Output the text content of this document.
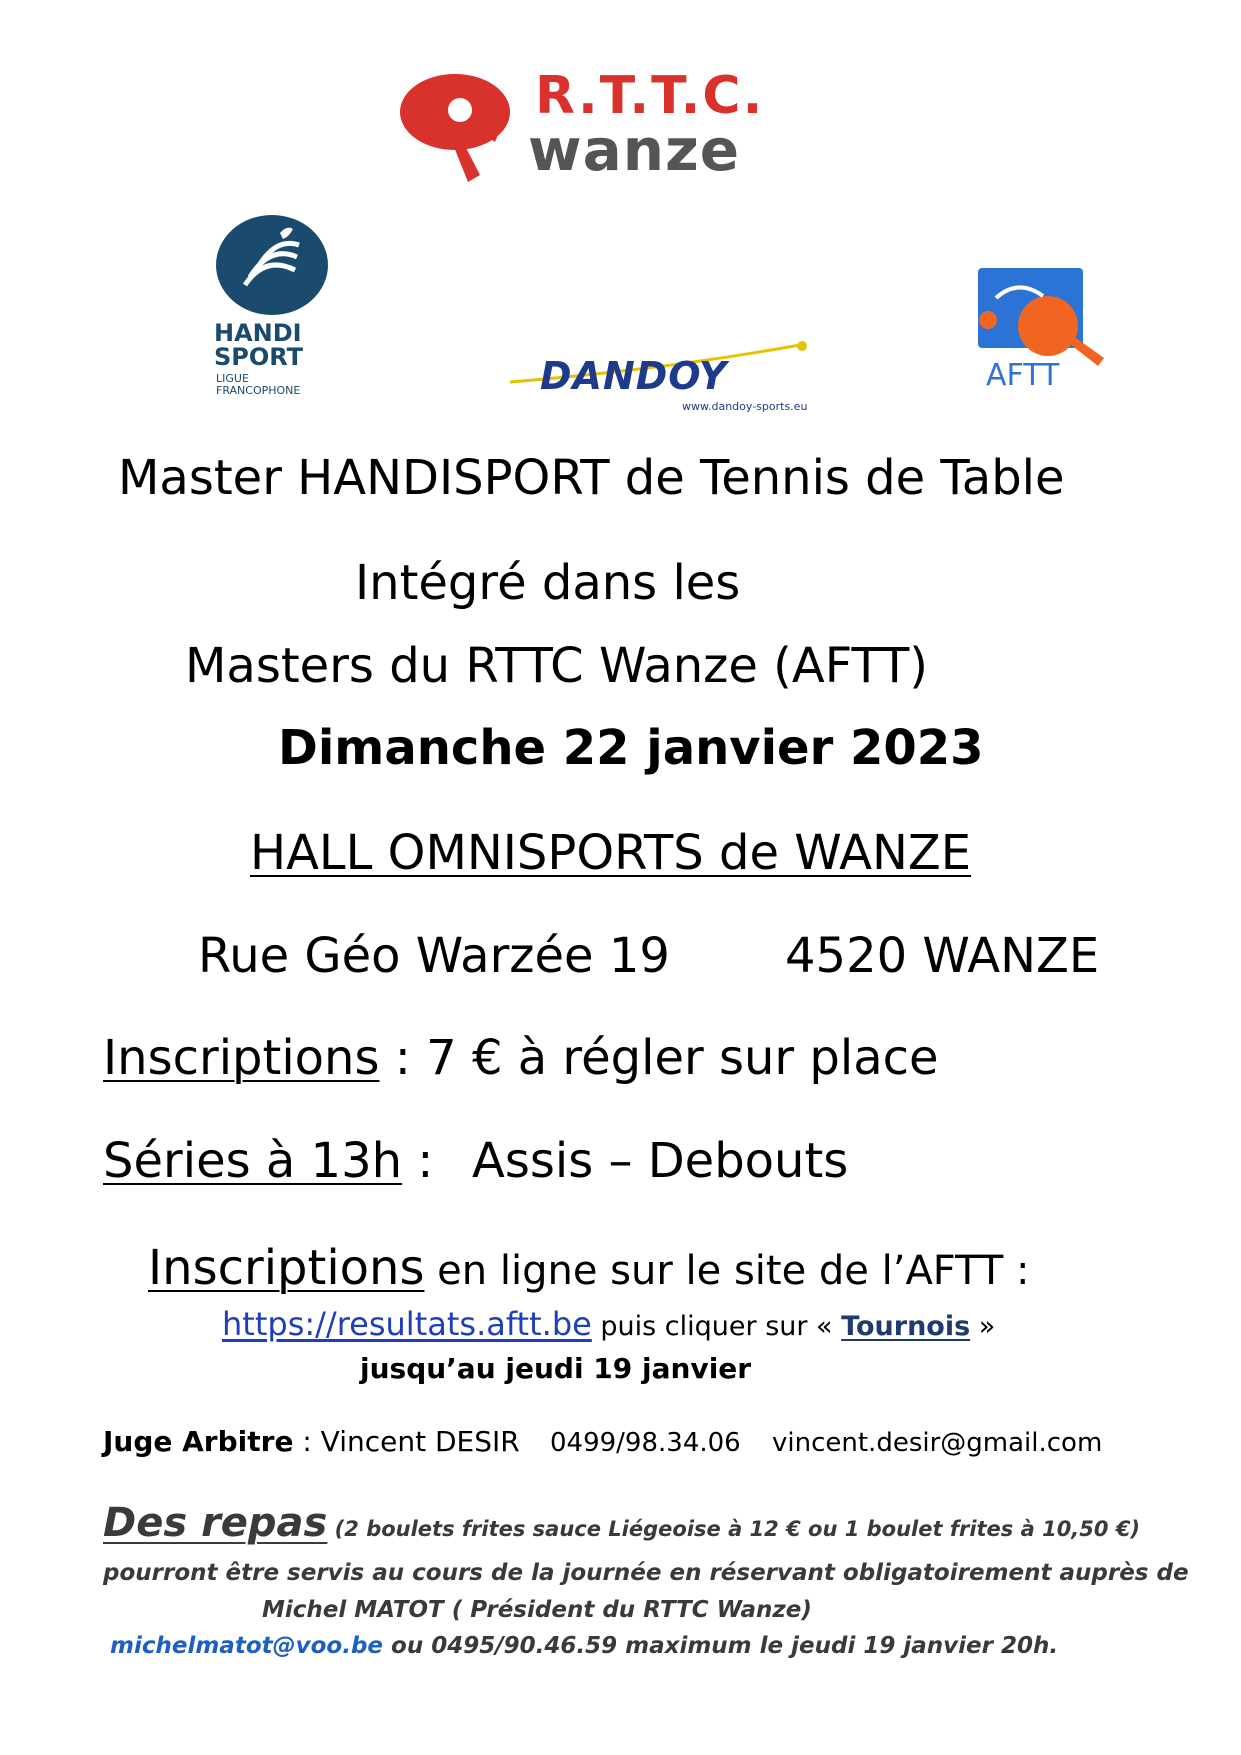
R.T.T.C.
wanze
HANDI
SPORT
LIGUE
FRANCOPHONE	DANDOY
www.dandoy-sports.eu
AFTT
Master HANDISPORT de Tennis de Table
Intégré dans les
Masters du RTTC Wanze (AFTT)
Dimanche 22 janvier 2023
HALL OMNISPORTS de WANZE
Rue Géo Warzée 19 4520 WANZE
Inscriptions : 7 € à régler sur place
Séries à 13h : Assis – Debouts
Inscriptions en ligne sur le site de l’AFTT :
https://resultats.aftt.be puis cliquer sur « Tournois »
jusqu’au jeudi 19 janvier
Juge Arbitre : Vincent DESIR 0499/98.34.06 vincent.desir@gmail.com
Des repas (2 boulets frites sauce Liégeoise à 12 € ou 1 boulet frites à 10,50 €)
pourront être servis au cours de la journée en réservant obligatoirement auprès de
Michel MATOT ( Président du RTTC Wanze)
michelmatot@voo.be ou 0495/90.46.59 maximum le jeudi 19 janvier 20h.
